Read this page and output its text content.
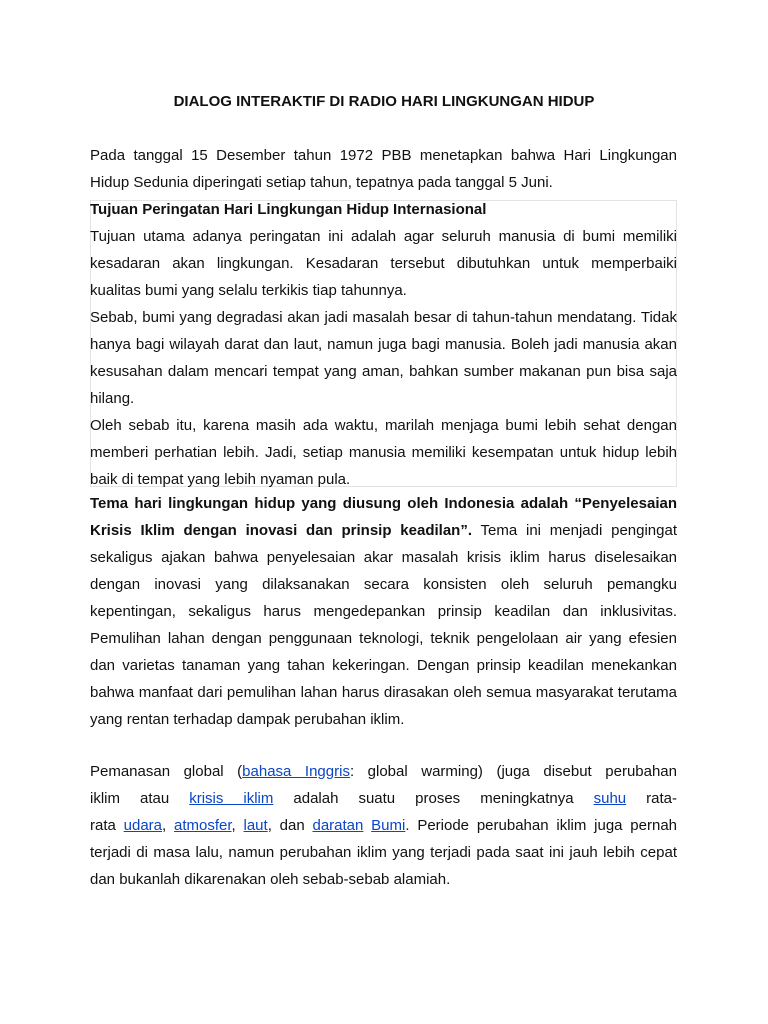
DIALOG INTERAKTIF DI RADIO HARI LINGKUNGAN HIDUP
Pada tanggal 15 Desember tahun 1972 PBB menetapkan bahwa Hari Lingkungan
Hidup Sedunia diperingati setiap tahun, tepatnya pada tanggal 5 Juni.
Tujuan Peringatan Hari Lingkungan Hidup Internasional
Tujuan utama adanya peringatan ini adalah agar seluruh manusia di bumi memiliki
kesadaran akan lingkungan. Kesadaran tersebut dibutuhkan untuk memperbaiki
kualitas bumi yang selalu terkikis tiap tahunnya.
Sebab, bumi yang degradasi akan jadi masalah besar di tahun-tahun mendatang. Tidak
hanya bagi wilayah darat dan laut, namun juga bagi manusia. Boleh jadi manusia akan
kesusahan dalam mencari tempat yang aman, bahkan sumber makanan pun bisa saja
hilang.
Oleh sebab itu, karena masih ada waktu, marilah menjaga bumi lebih sehat dengan
memberi perhatian lebih. Jadi, setiap manusia memiliki kesempatan untuk hidup lebih
baik di tempat yang lebih nyaman pula.
Tema hari lingkungan hidup yang diusung oleh Indonesia adalah “Penyelesaian
Krisis Iklim dengan inovasi dan prinsip keadilan”. Tema ini menjadi pengingat
sekaligus ajakan bahwa penyelesaian akar masalah krisis iklim harus diselesaikan
dengan inovasi yang dilaksanakan secara konsisten oleh seluruh pemangku
kepentingan, sekaligus harus mengedepankan prinsip keadilan dan inklusivitas.
Pemulihan lahan dengan penggunaan teknologi, teknik pengelolaan air yang efesien
dan varietas tanaman yang tahan kekeringan. Dengan prinsip keadilan menekankan
bahwa manfaat dari pemulihan lahan harus dirasakan oleh semua masyarakat terutama
yang rentan terhadap dampak perubahan iklim.
Pemanasan global (bahasa Inggris: global warming) (juga disebut perubahan
iklim atau krisis iklim adalah suatu proses meningkatnya suhu rata-
rata udara, atmosfer, laut, dan daratan Bumi. Periode perubahan iklim juga pernah
terjadi di masa lalu, namun perubahan iklim yang terjadi pada saat ini jauh lebih cepat
dan bukanlah dikarenakan oleh sebab-sebab alamiah.
